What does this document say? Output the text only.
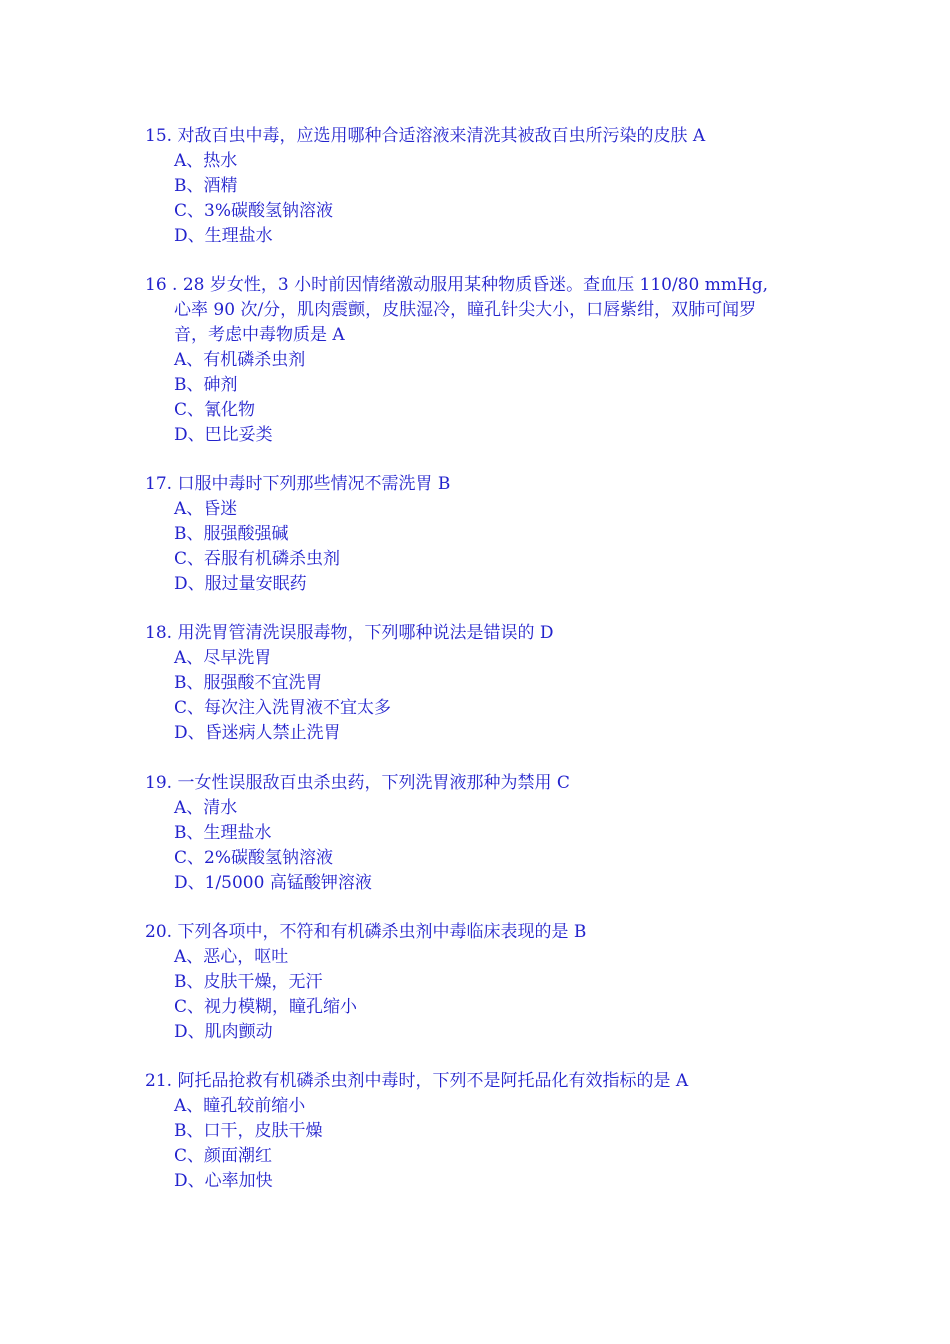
15. 对敌百虫中毒，应选用哪种合适溶液来清洗其被敌百虫所污染的皮肤 A
A、热水
B、酒精
C、3%碳酸氢钠溶液
D、生理盐水
16 . 28 岁女性，3 小时前因情绪激动服用某种物质昏迷。查血压 110/80 mmHg,
心率 90 次/分，肌肉震颤，皮肤湿冷，瞳孔针尖大小，口唇紫绀，双肺可闻罗
音，考虑中毒物质是 A
A、有机磷杀虫剂
B、砷剂
C、氰化物
D、巴比妥类
17. 口服中毒时下列那些情况不需洗胃 B
A、昏迷
B、服强酸强碱
C、吞服有机磷杀虫剂
D、服过量安眠药
18. 用洗胃管清洗误服毒物，下列哪种说法是错误的 D
A、尽早洗胃
B、服强酸不宜洗胃
C、每次注入洗胃液不宜太多
D、昏迷病人禁止洗胃
19. 一女性误服敌百虫杀虫药，下列洗胃液那种为禁用 C
A、清水
B、生理盐水
C、2%碳酸氢钠溶液
D、1/5000 高锰酸钾溶液
20. 下列各项中，不符和有机磷杀虫剂中毒临床表现的是 B
A、恶心，呕吐
B、皮肤干燥，无汗
C、视力模糊，瞳孔缩小
D、肌肉颤动
21. 阿托品抢救有机磷杀虫剂中毒时，下列不是阿托品化有效指标的是 A
A、瞳孔较前缩小
B、口干，皮肤干燥
C、颜面潮红
D、心率加快
